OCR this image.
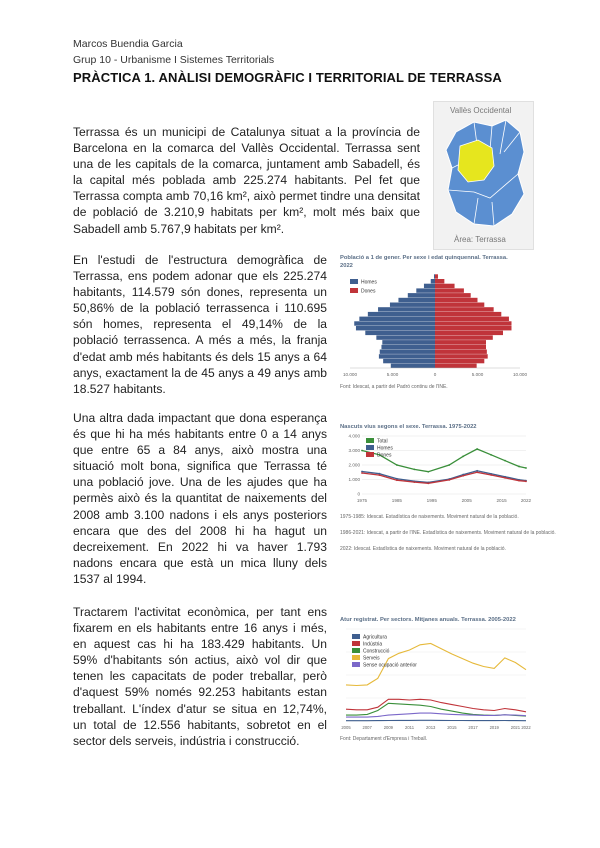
Marcos Buendia Garcia
Grup 10 - Urbanisme I Sistemes Territorials
PRÀCTICA 1. ANÀLISI DEMOGRÀFIC I TERRITORIAL DE TERRASSA

Terrassa és un municipi de Catalunya situat a la província de Barcelona en la comarca del Vallès Occidental. Terrassa sent una de les capitals de la comarca, juntament amb Sabadell, és la capital més poblada amb 225.274 habitants. Pel fet que Terrassa compta amb 70,16 km², això permet tindre una densitat de població de 3.210,9 habitats per km², molt més baix que Sabadell amb 5.767,9 habitats per km².

En l'estudi de l'estructura demogràfica de Terrassa, ens podem adonar que els 225.274 habitants, 114.579 són dones, representa un 50,86% de la població terrassenca i 110.695 són homes, representa el 49,14% de la població terrassenca. A més a més, la franja d'edat amb més habitants és dels 15 anys a 64 anys, exactament la de 45 anys a 49 anys amb 18.527 habitants.

Una altra dada impactant que dona esperança és que hi ha més habitants entre 0 a 14 anys que entre 65 a 84 anys, això mostra una situació molt bona, significa que Terrassa té una població jove. Una de les ajudes que ha permès això és la quantitat de naixements del 2008 amb 3.100 nadons i els anys posteriors encara que des del 2008 hi ha hagut un decreixement. En 2022 hi va haver 1.793 nadons encara que està un mica lluny dels 1537 al 1994.

Tractarem l'activitat econòmica, per tant ens fixarem en els habitants entre 16 anys i més, en aquest cas hi ha 183.429 habitants. Un 59% d'habitants són actius, això vol dir que tenen les capacitats de poder treballar, però d'aquest 59% només 92.253 habitants estan treballant. L'índex d'atur se situa en 12,74%, un total de 12.556 habitants, sobretot en el sector dels serveis, indústria i construcció.

Vallès Occidental
Àrea: Terrassa
Població a 1 de gener. Per sexe i edat quinquennal. Terrassa.
2022
10.000	5.000	0	5.000	10.000
Homes
Dones
Font: Idescat, a partir del Padró continu de l'INE.
Nascuts vius segons el sexe. Terrassa. 1975-2022
0
1.000
2.000
3.000
4.000
1975	1985	1995	2005	2015	2022
Total
Homes
Dones
1975-1985: Idescat. Estadística de naixements. Moviment natural de la població.
1986-2021: Idescat, a partir de l'INE. Estadística de naixements. Moviment natural de la població.
2022: Idescat. Estadística de naixements. Moviment natural de la població.
Atur registrat. Per sectors. Mitjanes anuals. Terrassa. 2005-2022
2005	2007	2009	2011	2013	2015	2017	2019	2021 2022
Agricultura
Indústria
Construcció
Serveis
Sense ocupació anterior
Font: Departament d'Empresa i Treball.
